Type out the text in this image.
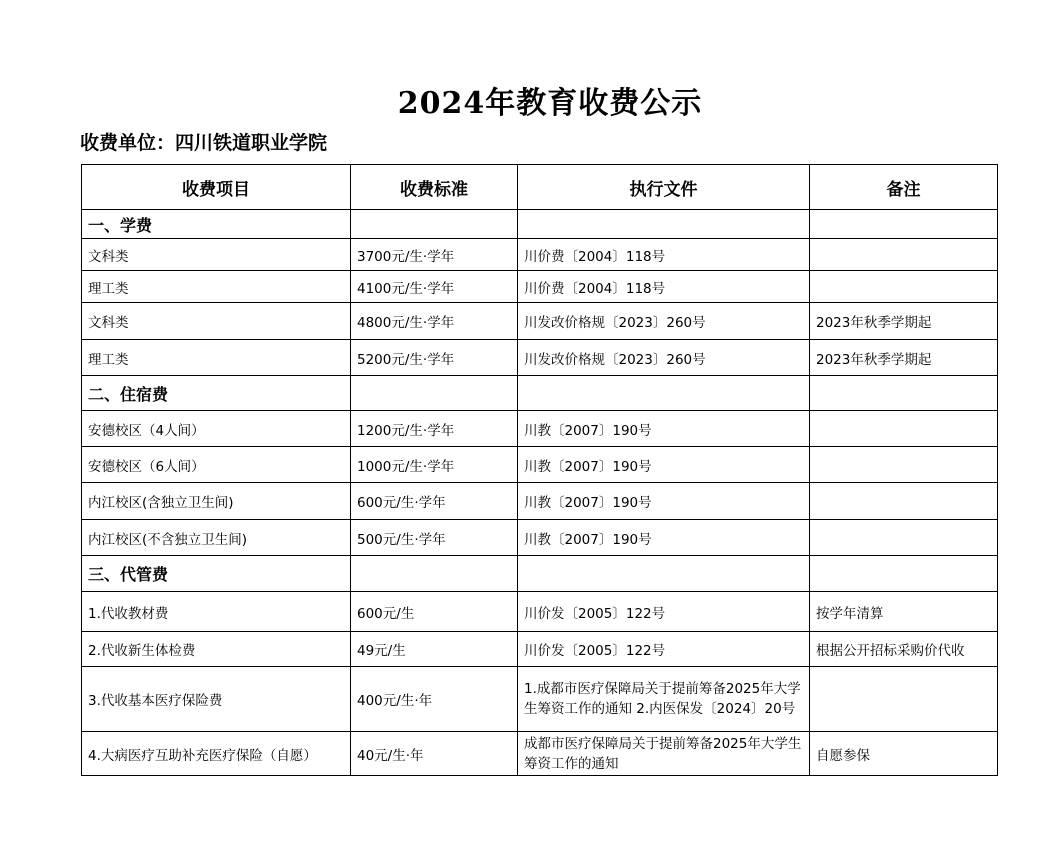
2024年教育收费公示
收费单位：四川铁道职业学院
收费项目	收费标准	执行文件	备注
一、学费			
文科类	3700元/生·学年	川价费〔2004〕118号	
理工类	4100元/生·学年	川价费〔2004〕118号	
文科类	4800元/生·学年	川发改价格规〔2023〕260号	2023年秋季学期起
理工类	5200元/生·学年	川发改价格规〔2023〕260号	2023年秋季学期起
二、住宿费			
安德校区（4人间）	1200元/生·学年	川教〔2007〕190号	
安德校区（6人间）	1000元/生·学年	川教〔2007〕190号	
内江校区(含独立卫生间)	600元/生·学年	川教〔2007〕190号	
内江校区(不含独立卫生间)	500元/生·学年	川教〔2007〕190号	
三、代管费			
1.代收教材费	600元/生	川价发〔2005〕122号	按学年清算
2.代收新生体检费	49元/生	川价发〔2005〕122号	根据公开招标采购价代收
3.代收基本医疗保险费	400元/生·年	1.成都市医疗保障局关于提前筹备2025年大学生筹资工作的通知 2.内医保发〔2024〕20号	
4.大病医疗互助补充医疗保险（自愿）	40元/生·年	成都市医疗保障局关于提前筹备2025年大学生筹资工作的通知	自愿参保
